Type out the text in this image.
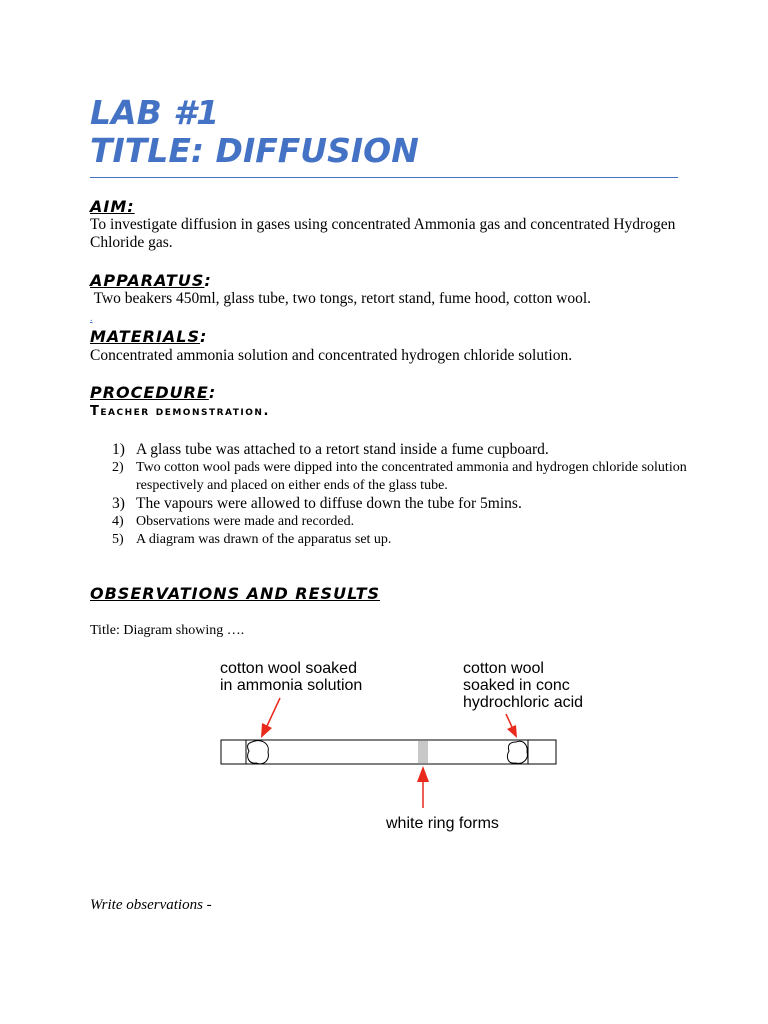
LAB #1
TITLE: DIFFUSION
AIM:
To investigate diffusion in gases using concentrated Ammonia gas and concentrated Hydrogen Chloride gas.
APPARATUS:
Two beakers 450ml, glass tube, two tongs, retort stand, fume hood, cotton wool.
.
MATERIALS:
Concentrated ammonia solution and concentrated hydrogen chloride solution.
PROCEDURE:
Teacher demonstration.
1) A glass tube was attached to a retort stand inside a fume cupboard.
2) Two cotton wool pads were dipped into the concentrated ammonia and hydrogen chloride solution respectively and placed on either ends of the glass tube.
3) The vapours were allowed to diffuse down the tube for 5mins.
4) Observations were made and recorded.
5) A diagram was drawn of the apparatus set up.
OBSERVATIONS AND RESULTS
Title: Diagram showing ….
cotton wool soaked
in ammonia solution
cotton wool
soaked in conc
hydrochloric acid
white ring forms
Write observations -
